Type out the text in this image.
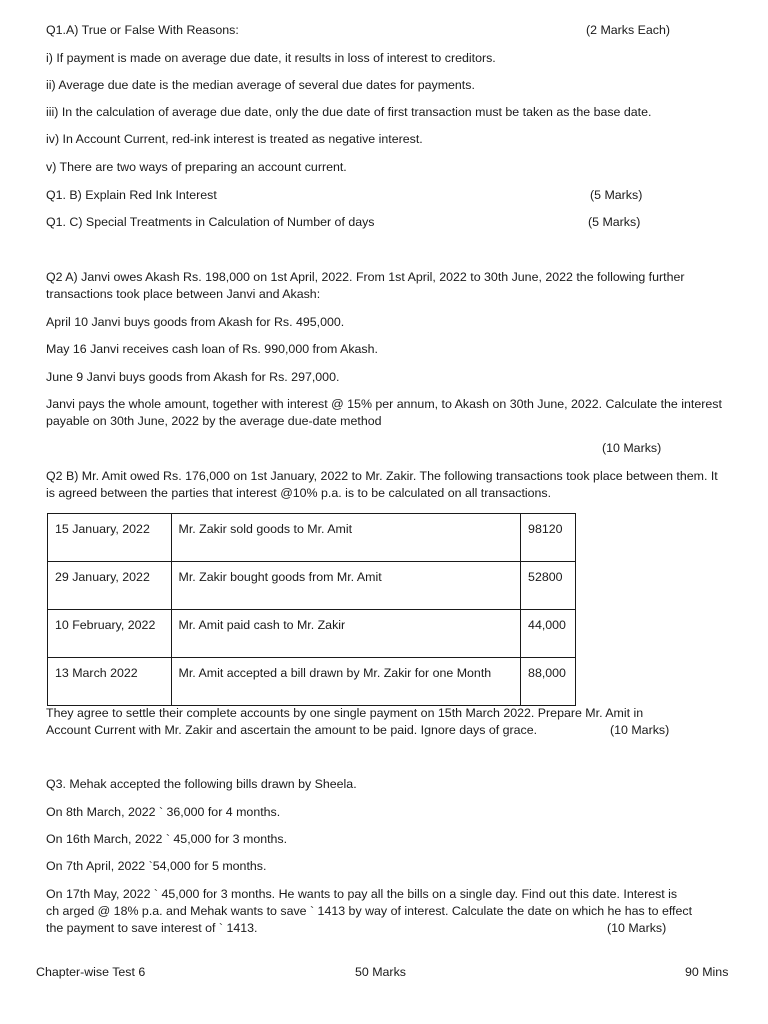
Q1.A) True or False With Reasons:	(2 Marks Each)
i) If payment is made on average due date, it results in loss of interest to creditors.
ii) Average due date is the median average of several due dates for payments.
iii) In the calculation of average due date, only the due date of first transaction must be taken as the base date.
iv) In Account Current, red-ink interest is treated as negative interest.
v) There are two ways of preparing an account current.
Q1. B) Explain Red Ink Interest	(5 Marks)
Q1. C) Special Treatments in Calculation of Number of days	(5 Marks)
Q2 A) Janvi owes Akash Rs. 198,000 on 1st April, 2022. From 1st April, 2022 to 30th June, 2022 the following further transactions took place between Janvi and Akash:
April 10 Janvi buys goods from Akash for Rs. 495,000.
May 16 Janvi receives cash loan of Rs. 990,000 from Akash.
June 9 Janvi buys goods from Akash for Rs. 297,000.
Janvi pays the whole amount, together with interest @ 15% per annum, to Akash on 30th June, 2022. Calculate the interest payable on 30th June, 2022 by the average due-date method
(10 Marks)
Q2 B) Mr. Amit owed Rs. 176,000 on 1st January, 2022 to Mr. Zakir. The following transactions took place between them. It is agreed between the parties that interest @10% p.a. is to be calculated on all transactions.
15 January, 2022	Mr. Zakir sold goods to Mr. Amit	98120
29 January, 2022	Mr. Zakir bought goods from Mr. Amit	52800
10 February, 2022	Mr. Amit paid cash to Mr. Zakir	44,000
13 March 2022	Mr. Amit accepted a bill drawn by Mr. Zakir for one Month	88,000
They agree to settle their complete accounts by one single payment on 15th March 2022. Prepare Mr. Amit in
Account Current with Mr. Zakir and ascertain the amount to be paid. Ignore days of grace.	(10 Marks)
Q3. Mehak accepted the following bills drawn by Sheela.
On 8th March, 2022 ` 36,000 for 4 months.
On 16th March, 2022 ` 45,000 for 3 months.
On 7th April, 2022 `54,000 for 5 months.
On 17th May, 2022 ` 45,000 for 3 months. He wants to pay all the bills on a single day. Find out this date. Interest is
ch arged @ 18% p.a. and Mehak wants to save ` 1413 by way of interest. Calculate the date on which he has to effect
the payment to save interest of ` 1413.	(10 Marks)
Chapter-wise Test 6	50 Marks	90 Mins
